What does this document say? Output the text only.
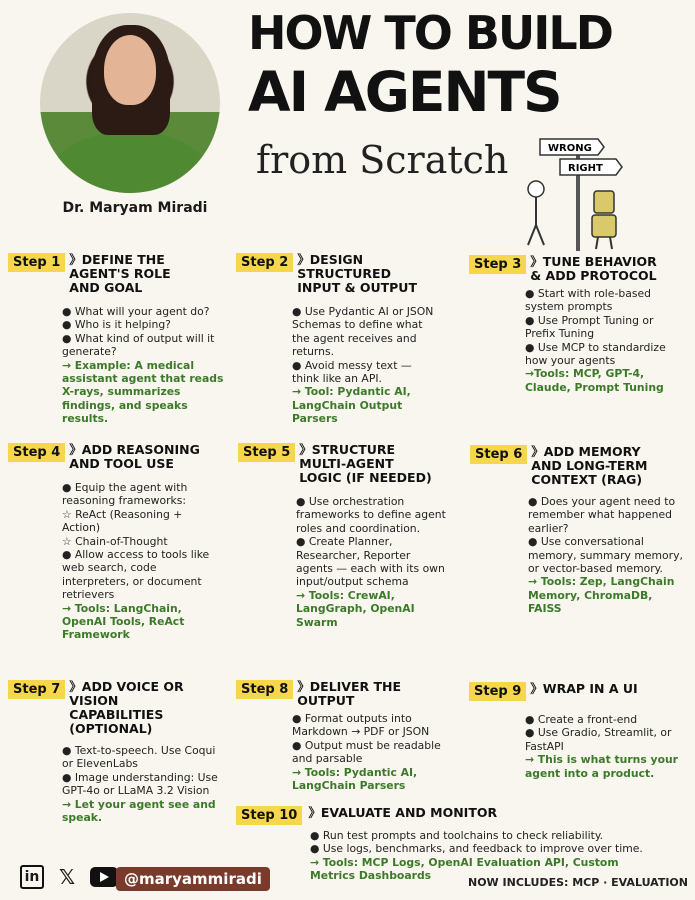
Dr. Maryam Miradi
HOW TO BUILD
AI AGENTS
from Scratch	WRONG
RIGHT
Step 1 》DEFINE THE AGENT'S ROLE AND GOAL
● What will your agent do?
● Who is it helping?
● What kind of output will it generate?
→ Example: A medical assistant agent that reads X-rays, summarizes findings, and speaks results.
Step 2 》DESIGN STRUCTURED INPUT & OUTPUT
● Use Pydantic AI or JSON Schemas to define what the agent receives and returns.
● Avoid messy text — think like an API.
→ Tool: Pydantic AI, LangChain Output Parsers
Step 3 》TUNE BEHAVIOR & ADD PROTOCOL
● Start with role-based system prompts
● Use Prompt Tuning or Prefix Tuning
● Use MCP to standardize how your agents
→Tools: MCP, GPT-4, Claude, Prompt Tuning
Step 4 》ADD REASONING AND TOOL USE
● Equip the agent with reasoning frameworks:
☆ ReAct (Reasoning + Action)
☆ Chain-of-Thought
● Allow access to tools like web search, code interpreters, or document retrievers
→ Tools: LangChain, OpenAI Tools, ReAct Framework
Step 5 》STRUCTURE MULTI-AGENT LOGIC (IF NEEDED)
● Use orchestration frameworks to define agent roles and coordination.
● Create Planner, Researcher, Reporter agents — each with its own input/output schema
→ Tools: CrewAI, LangGraph, OpenAI Swarm
Step 6 》ADD MEMORY AND LONG-TERM CONTEXT (RAG)
● Does your agent need to remember what happened earlier?
● Use conversational memory, summary memory, or vector-based memory.
→ Tools: Zep, LangChain Memory, ChromaDB, FAISS
Step 7 》ADD VOICE OR VISION CAPABILITIES (OPTIONAL)
● Text-to-speech. Use Coqui or ElevenLabs
● Image understanding: Use GPT-4o or LLaMA 3.2 Vision
→ Let your agent see and speak.
Step 8 》DELIVER THE OUTPUT
● Format outputs into Markdown → PDF or JSON
● Output must be readable and parsable
→ Tools: Pydantic AI, LangChain Parsers
Step 9 》WRAP IN A UI
● Create a front-end
● Use Gradio, Streamlit, or FastAPI
→ This is what turns your agent into a product.
Step 10 》EVALUATE AND MONITOR
● Run test prompts and toolchains to check reliability.
● Use logs, benchmarks, and feedback to improve over time.
→ Tools: MCP Logs, OpenAI Evaluation API, Custom Metrics Dashboards
in 𝕏	@maryammiradi	NOW INCLUDES: MCP · EVALUATION
